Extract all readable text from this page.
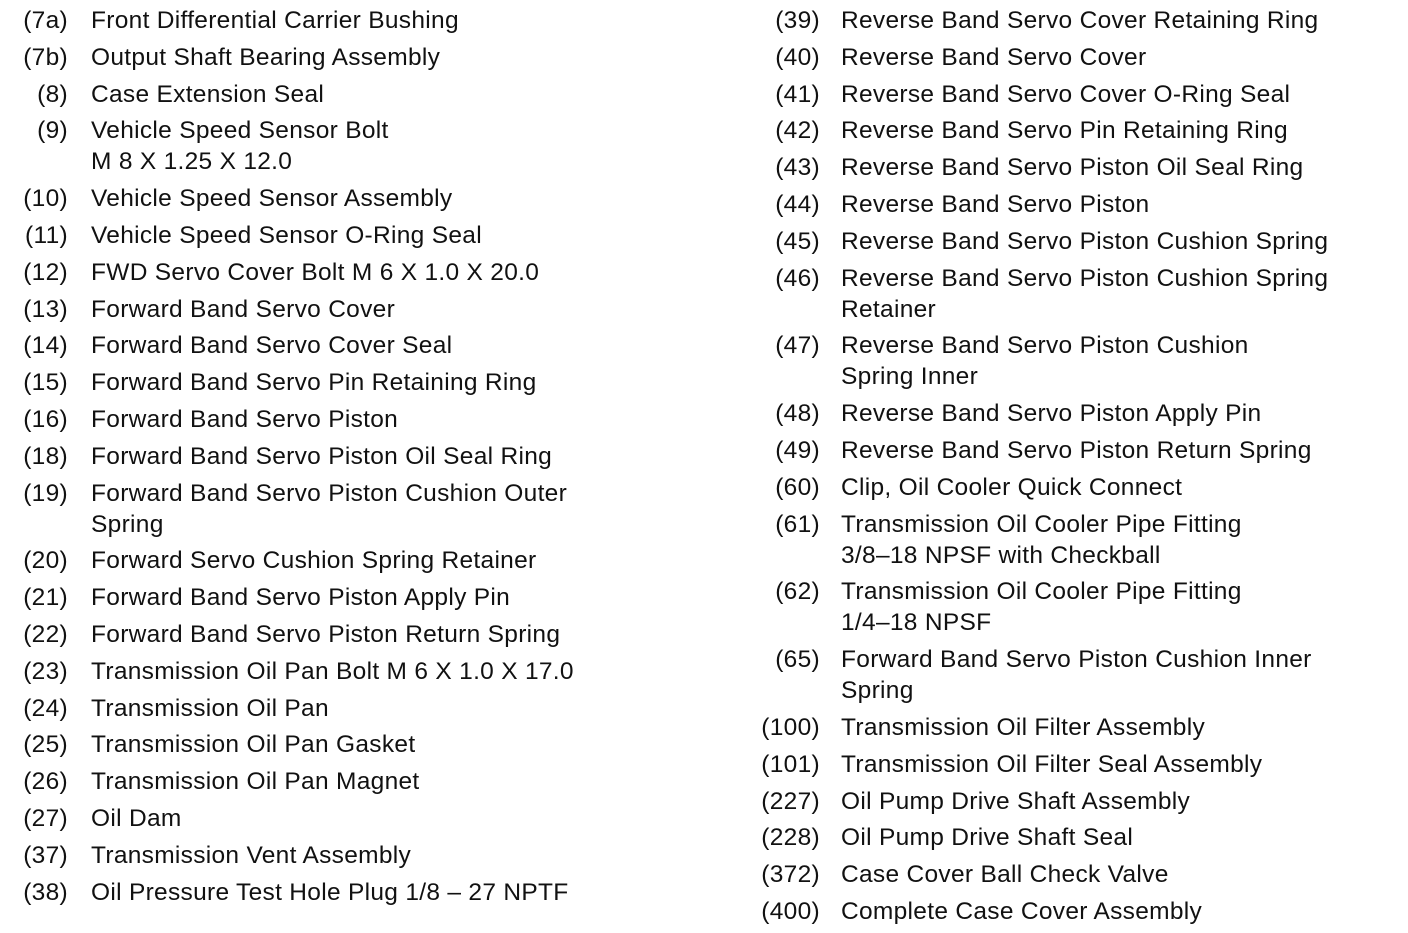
(7a) Front Differential Carrier Bushing
(7b) Output Shaft Bearing Assembly
(8) Case Extension Seal
(9) Vehicle Speed Sensor Bolt
M 8 X 1.25 X 12.0
(10) Vehicle Speed Sensor Assembly
(11) Vehicle Speed Sensor O-Ring Seal
(12) FWD Servo Cover Bolt M 6 X 1.0 X 20.0
(13) Forward Band Servo Cover
(14) Forward Band Servo Cover Seal
(15) Forward Band Servo Pin Retaining Ring
(16) Forward Band Servo Piston
(18) Forward Band Servo Piston Oil Seal Ring
(19) Forward Band Servo Piston Cushion Outer
Spring
(20) Forward Servo Cushion Spring Retainer
(21) Forward Band Servo Piston Apply Pin
(22) Forward Band Servo Piston Return Spring
(23) Transmission Oil Pan Bolt M 6 X 1.0 X 17.0
(24) Transmission Oil Pan
(25) Transmission Oil Pan Gasket
(26) Transmission Oil Pan Magnet
(27) Oil Dam
(37) Transmission Vent Assembly
(38) Oil Pressure Test Hole Plug 1/8 – 27 NPTF
(39) Reverse Band Servo Cover Retaining Ring
(40) Reverse Band Servo Cover
(41) Reverse Band Servo Cover O-Ring Seal
(42) Reverse Band Servo Pin Retaining Ring
(43) Reverse Band Servo Piston Oil Seal Ring
(44) Reverse Band Servo Piston
(45) Reverse Band Servo Piston Cushion Spring
(46) Reverse Band Servo Piston Cushion Spring
Retainer
(47) Reverse Band Servo Piston Cushion
Spring Inner
(48) Reverse Band Servo Piston Apply Pin
(49) Reverse Band Servo Piston Return Spring
(60) Clip, Oil Cooler Quick Connect
(61) Transmission Oil Cooler Pipe Fitting
3/8–18 NPSF with Checkball
(62) Transmission Oil Cooler Pipe Fitting
1/4–18 NPSF
(65) Forward Band Servo Piston Cushion Inner
Spring
(100) Transmission Oil Filter Assembly
(101) Transmission Oil Filter Seal Assembly
(227) Oil Pump Drive Shaft Assembly
(228) Oil Pump Drive Shaft Seal
(372) Case Cover Ball Check Valve
(400) Complete Case Cover Assembly
